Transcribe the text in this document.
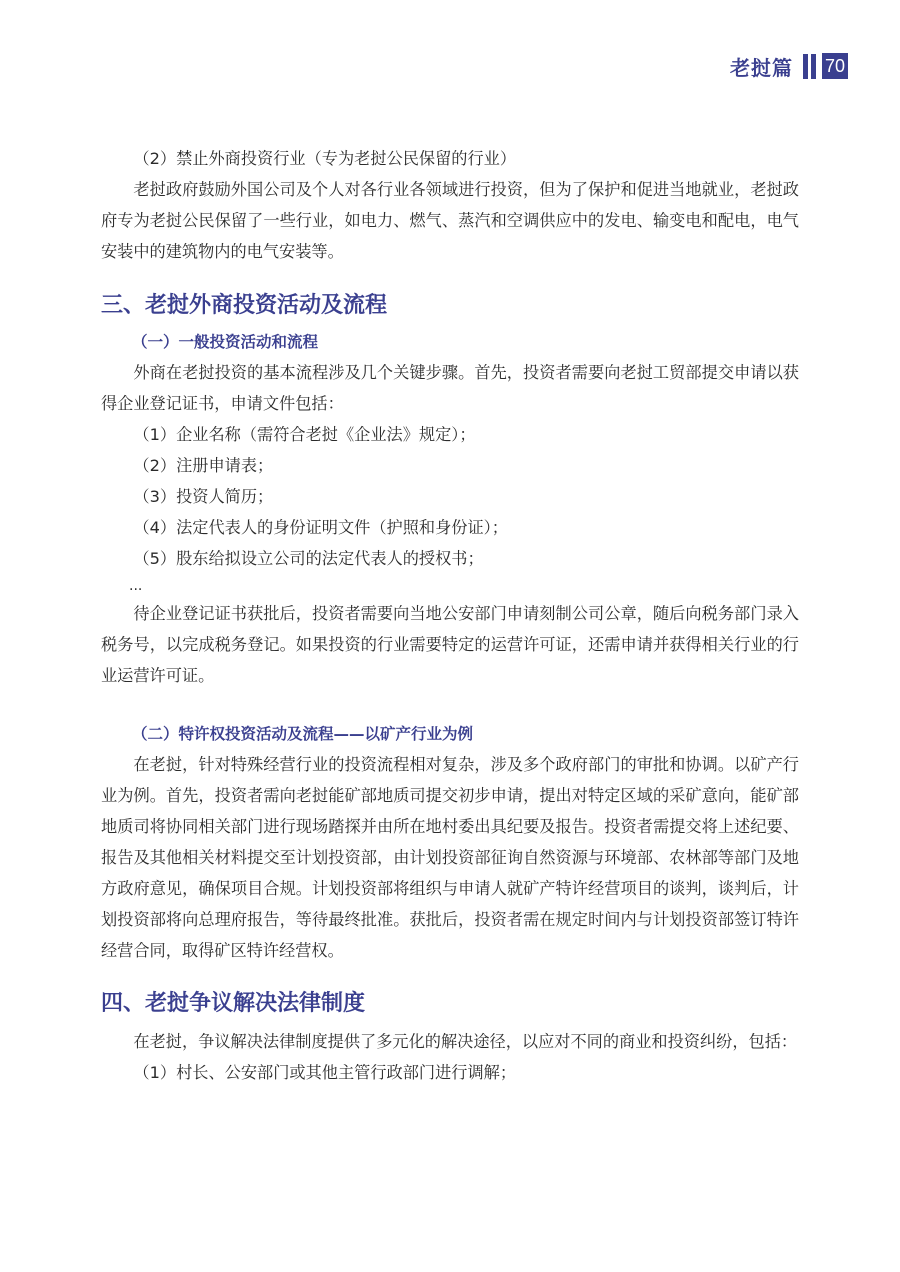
老挝篇 70

（2）禁止外商投资行业（专为老挝公民保留的行业）

老挝政府鼓励外国公司及个人对各行业各领域进行投资，但为了保护和促进当地就业，老挝政府专为老挝公民保留了一些行业，如电力、燃气、蒸汽和空调供应中的发电、输变电和配电，电气安装中的建筑物内的电气安装等。

三、老挝外商投资活动及流程
（一）一般投资活动和流程

外商在老挝投资的基本流程涉及几个关键步骤。首先，投资者需要向老挝工贸部提交申请以获得企业登记证书，申请文件包括：

（1）企业名称（需符合老挝《企业法》规定）；

（2）注册申请表；

（3）投资人简历；

（4）法定代表人的身份证明文件（护照和身份证）；

（5）股东给拟设立公司的法定代表人的授权书；

...

待企业登记证书获批后，投资者需要向当地公安部门申请刻制公司公章，随后向税务部门录入税务号，以完成税务登记。如果投资的行业需要特定的运营许可证，还需申请并获得相关行业的行业运营许可证。

（二）特许权投资活动及流程——以矿产行业为例

在老挝，针对特殊经营行业的投资流程相对复杂，涉及多个政府部门的审批和协调。以矿产行业为例。首先，投资者需向老挝能矿部地质司提交初步申请，提出对特定区域的采矿意向，能矿部地质司将协同相关部门进行现场踏探并由所在地村委出具纪要及报告。投资者需提交将上述纪要、报告及其他相关材料提交至计划投资部，由计划投资部征询自然资源与环境部、农林部等部门及地方政府意见，确保项目合规。计划投资部将组织与申请人就矿产特许经营项目的谈判，谈判后，计划投资部将向总理府报告，等待最终批准。获批后，投资者需在规定时间内与计划投资部签订特许经营合同，取得矿区特许经营权。

四、老挝争议解决法律制度

在老挝，争议解决法律制度提供了多元化的解决途径，以应对不同的商业和投资纠纷，包括：

（1）村长、公安部门或其他主管行政部门进行调解；
